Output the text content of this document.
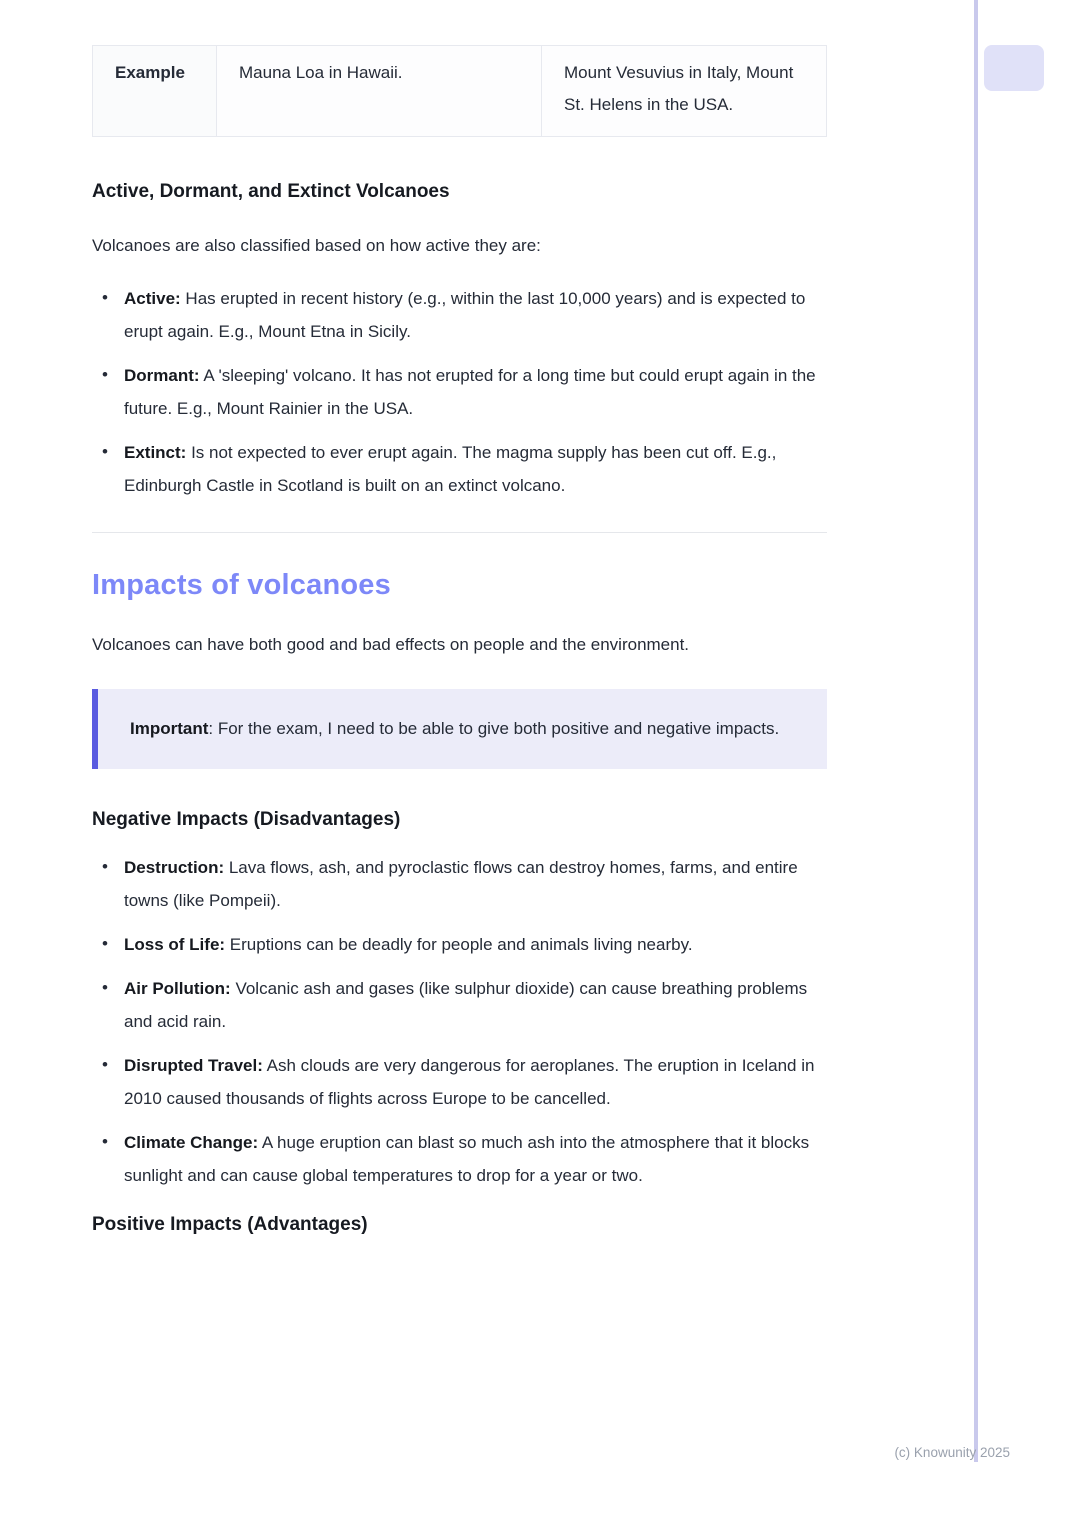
Example	Mauna Loa in Hawaii.	Mount Vesuvius in Italy, Mount St. Helens in the USA.
Active, Dormant, and Extinct Volcanoes

Volcanoes are also classified based on how active they are:

• Active: Has erupted in recent history (e.g., within the last 10,000 years) and is expected to erupt again. E.g., Mount Etna in Sicily.
• Dormant: A 'sleeping' volcano. It has not erupted for a long time but could erupt again in the future. E.g., Mount Rainier in the USA.
• Extinct: Is not expected to ever erupt again. The magma supply has been cut off. E.g., Edinburgh Castle in Scotland is built on an extinct volcano.
Impacts of volcanoes

Volcanoes can have both good and bad effects on people and the environment.

Important: For the exam, I need to be able to give both positive and negative impacts.
Negative Impacts (Disadvantages)
• Destruction: Lava flows, ash, and pyroclastic flows can destroy homes, farms, and entire towns (like Pompeii).
• Loss of Life: Eruptions can be deadly for people and animals living nearby.
• Air Pollution: Volcanic ash and gases (like sulphur dioxide) can cause breathing problems and acid rain.
• Disrupted Travel: Ash clouds are very dangerous for aeroplanes. The eruption in Iceland in 2010 caused thousands of flights across Europe to be cancelled.
• Climate Change: A huge eruption can blast so much ash into the atmosphere that it blocks sunlight and can cause global temperatures to drop for a year or two.
Positive Impacts (Advantages)
(c) Knowunity 2025
